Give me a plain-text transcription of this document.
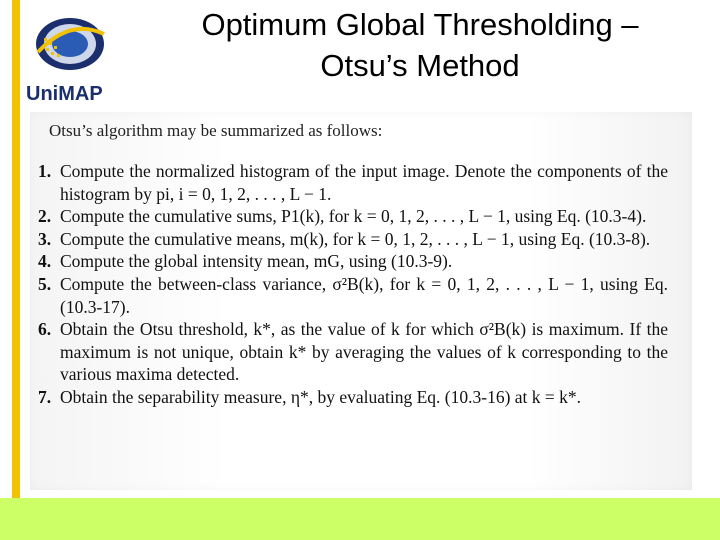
UniMAP
Optimum Global Thresholding –
Otsu’s Method
Otsu’s algorithm may be summarized as follows:
1. Compute the normalized histogram of the input image. Denote the components of the histogram by pi, i = 0, 1, 2, . . . , L − 1.
2. Compute the cumulative sums, P1(k), for k = 0, 1, 2, . . . , L − 1, using Eq. (10.3-4).
3. Compute the cumulative means, m(k), for k = 0, 1, 2, . . . , L − 1, using Eq. (10.3-8).
4. Compute the global intensity mean, mG, using (10.3-9).
5. Compute the between-class variance, σ²B(k), for k = 0, 1, 2, . . . , L − 1, using Eq. (10.3-17).
6. Obtain the Otsu threshold, k*, as the value of k for which σ²B(k) is maximum. If the maximum is not unique, obtain k* by averaging the values of k corresponding to the various maxima detected.
7. Obtain the separability measure, η*, by evaluating Eq. (10.3-16) at k = k*.
